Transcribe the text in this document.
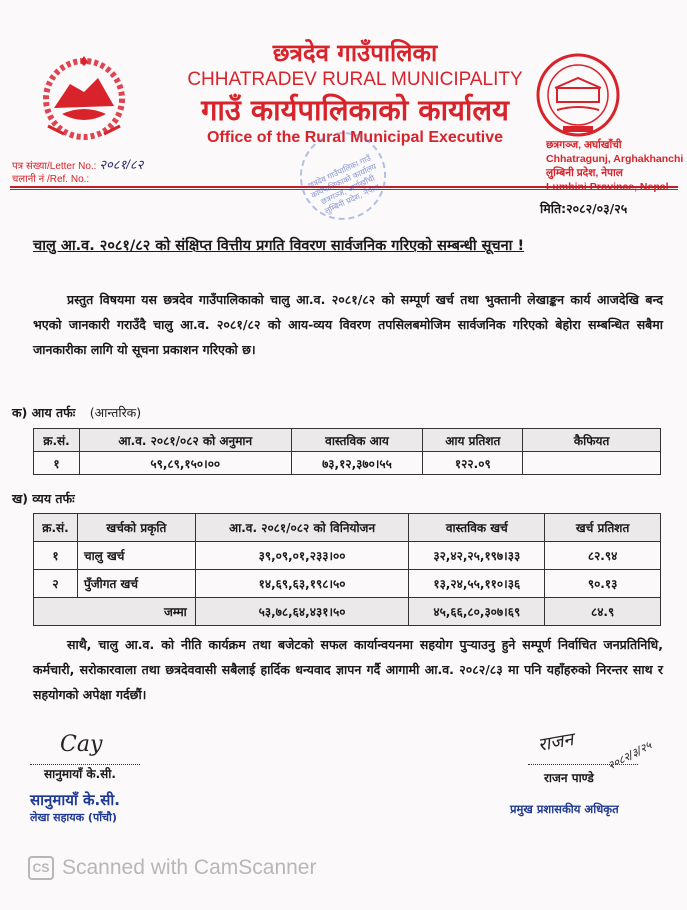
छत्रदेव गाउँपालिका
CHHATRADEV RURAL MUNICIPALITY
गाउँ कार्यपालिकाको कार्यालय
Office of the Rural Municipal Executive	छत्रगञ्ज, अर्घाखाँची
Chhatragunj, Arghakhanchi
लुम्बिनी प्रदेश, नेपाल
पत्र संख्या/Letter No.: २०८१/८२
चलानी नं /Ref. No.:	छत्रदेव गाउँपालिका गाउँ कार्यपालिकाको कार्यालय छत्रगञ्ज, अर्घाखाँची लुम्बिनी प्रदेश, नेपाल	मिति:२०८२/०३/२५
चालु आ.व. २०८१/८२ को संक्षिप्त वित्तीय प्रगति विवरण सार्वजनिक गरिएको सम्बन्धी सूचना !
प्रस्तुत विषयमा यस छत्रदेव गाउँपालिकाको चालु आ.व. २०८१/८२ को सम्पूर्ण खर्च तथा भुक्तानी लेखाङ्कन कार्य आजदेखि बन्द भएको जानकारी गराउँदै चालु आ.व. २०८१/८२ को आय-व्यय विवरण तपसिलबमोजिम सार्वजनिक गरिएको बेहोरा सम्बन्धित सबैमा जानकारीका लागि यो सूचना प्रकाशन गरिएको छ।
क) आय तर्फः (आन्तरिक)
क्र.सं.	आ.व. २०८१/०८२ को अनुमान	वास्तविक आय	आय प्रतिशत	कैफियत
१	५९,८९,१५०।००	७३,१२,३७०।५५	१२२.०९	
ख) व्यय तर्फः
क्र.सं.	खर्चको प्रकृति	आ.व. २०८१/०८२ को विनियोजन	वास्तविक खर्च	खर्च प्रतिशत
१	चालु खर्च	३९,०९,०१,२३३।००	३२,४२,२५,१९७।३३	८२.९४
२	पुँजीगत खर्च	१४,६९,६३,१९८।५०	१३,२४,५५,११०।३६	९०.१३
जम्मा		५३,७८,६४,४३१।५०	४५,६६,८०,३०७।६९	८४.९
साथै, चालु आ.व. को नीति कार्यक्रम तथा बजेटको सफल कार्यान्वयनमा सहयोग पुऱ्याउनु हुने सम्पूर्ण निर्वाचित जनप्रतिनिधि, कर्मचारी, सरोकारवाला तथा छत्रदेववासी सबैलाई हार्दिक धन्यवाद ज्ञापन गर्दै आगामी आ.व. २०८२/८३ मा पनि यहाँहरुको निरन्तर साथ र सहयोगको अपेक्षा गर्दछौं।
Cay
सानुमायाँ के.सी.
सानुमायाँ के.सी.
लेखा सहायक (पाँचौ)
राजन	२०८२/३/२५
राजन पाण्डे
प्रमुख प्रशासकीय अधिकृत
CS Scanned with CamScanner
